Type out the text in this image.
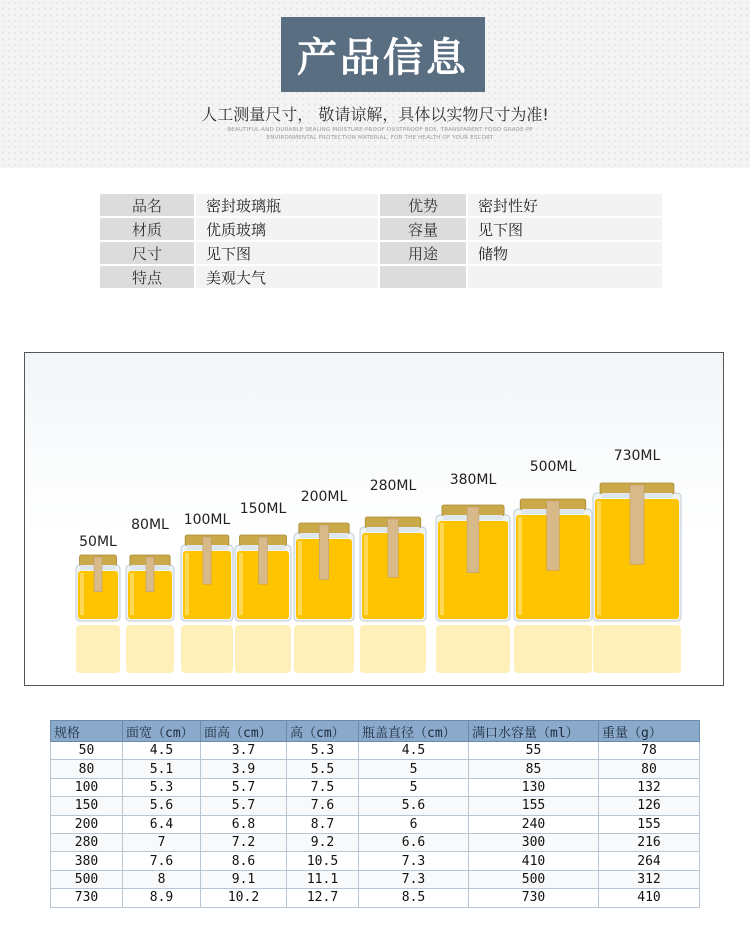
产品信息
人工测量尺寸， 敬请谅解，具体以实物尺寸为准!
BEAUTIFUL AND DURABLE SEALING MOISTURE-PROOF DUSTPROOF BOX, TRANSPARENT FOOD GRADE PP ENVIRONMENTAL PROTECTION MATERIAL, FOR THE HEALTH OF YOUR ESCORT
品名	密封玻璃瓶	优势	密封性好
材质	优质玻璃	容量	见下图
尺寸	见下图	用途	储物
特点	美观大气		
50ML
80ML 100ML
150ML
200ML
280ML 380ML
500ML
730ML
规格	面宽（cm）	面高（cm）	高（cm）	瓶盖直径（cm）	满口水容量（ml）	重量（g）
50	4.5	3.7	5.3	4.5	55	78
80	5.1	3.9	5.5	5	85	80
100	5.3	5.7	7.5	5	130	132
150	5.6	5.7	7.6	5.6	155	126
200	6.4	6.8	8.7	6	240	155
280	7	7.2	9.2	6.6	300	216
380	7.6	8.6	10.5	7.3	410	264
500	8	9.1	11.1	7.3	500	312
730	8.9	10.2	12.7	8.5	730	410
